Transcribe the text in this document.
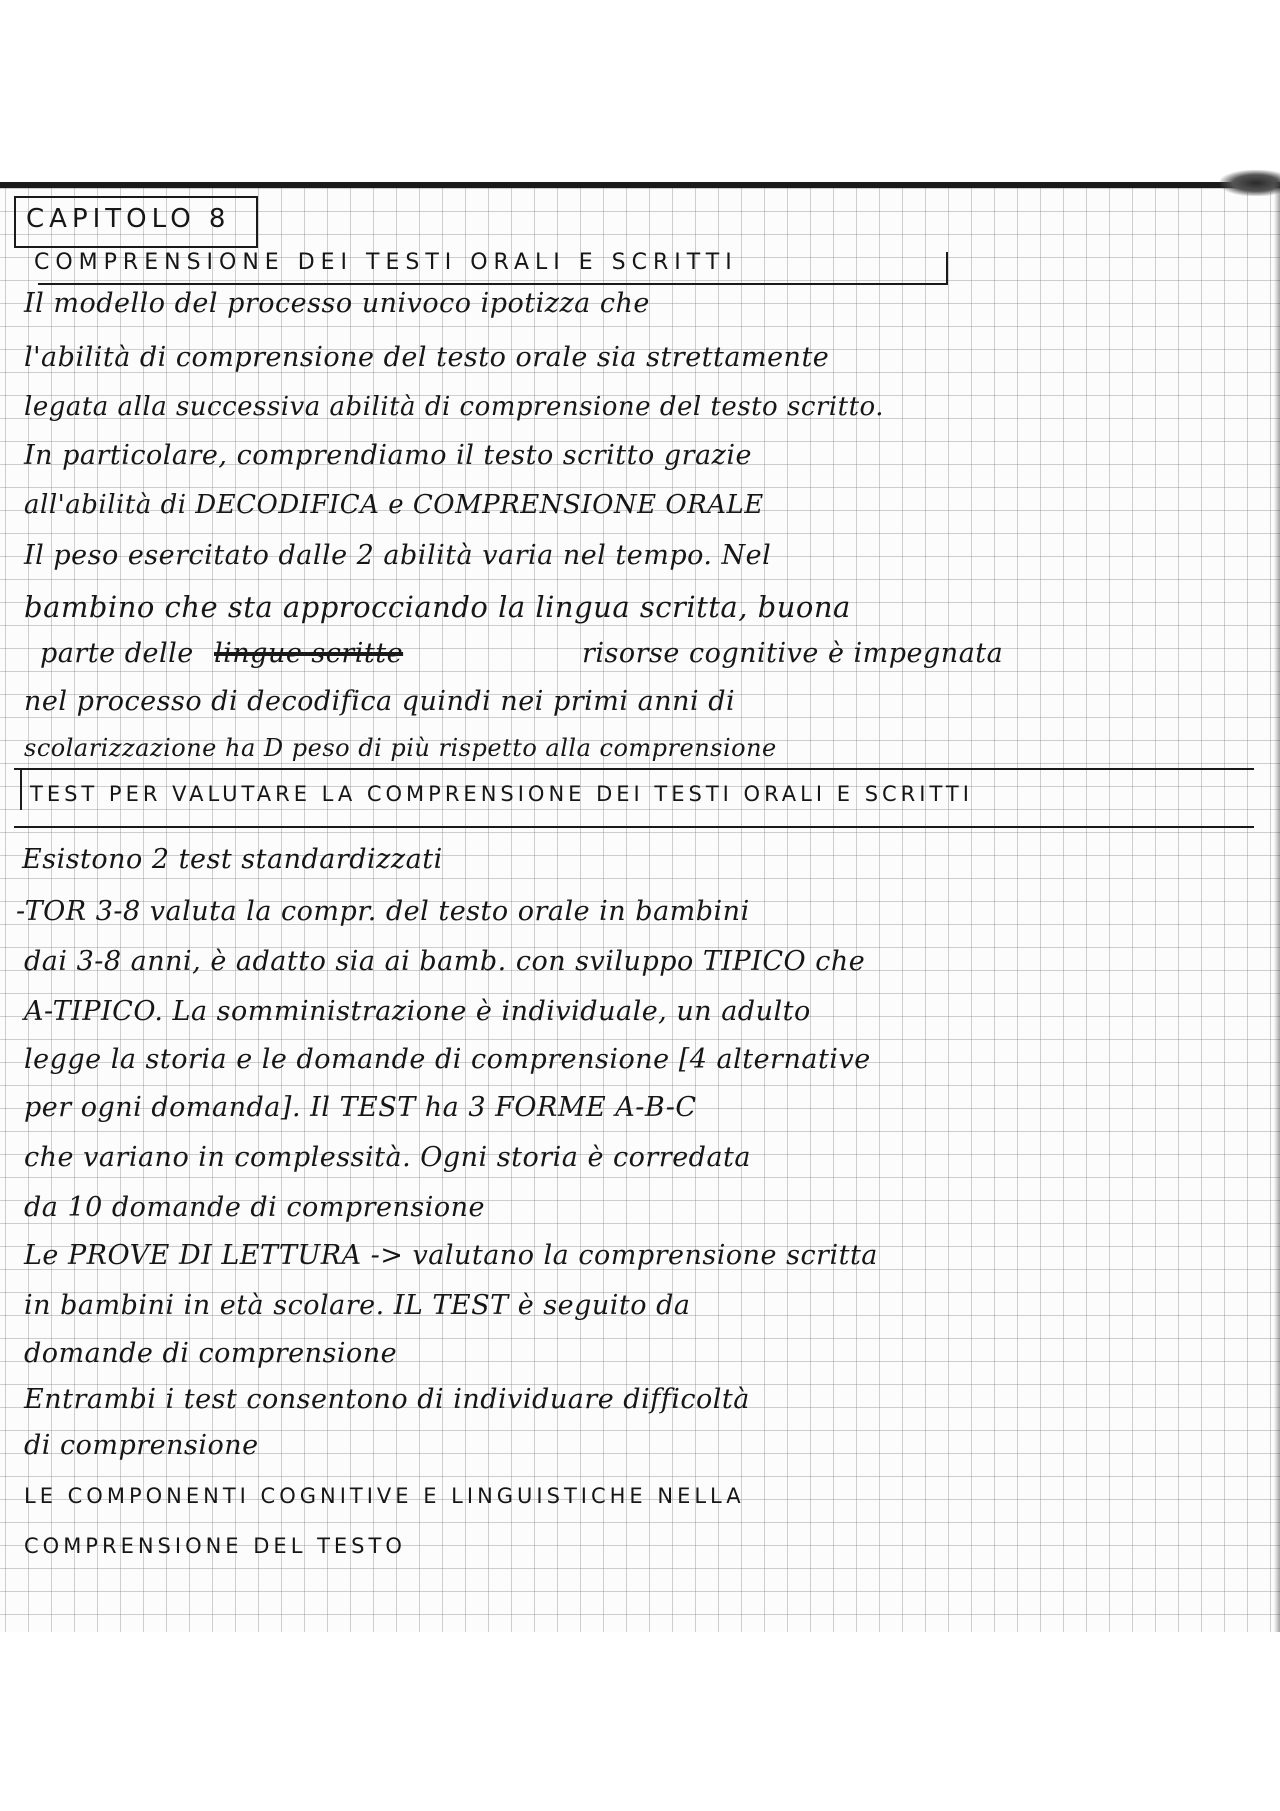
CAPITOLO 8
COMPRENSIONE DEI TESTI ORALI E SCRITTI
Il modello del processo univoco ipotizza che
l'abilità di comprensione del testo orale sia strettamente
legata alla successiva abilità di comprensione del testo scritto.
In particolare, comprendiamo il testo scritto grazie
all'abilità di DECODIFICA e COMPRENSIONE ORALE
Il peso esercitato dalle 2 abilità varia nel tempo. Nel
bambino che sta approcciando la lingua scritta, buona
parte delle lingue scritte	risorse cognitive è impegnata
nel processo di decodifica quindi nei primi anni di
scolarizzazione ha D peso di più rispetto alla comprensione
TEST PER VALUTARE LA COMPRENSIONE DEI TESTI ORALI E SCRITTI
Esistono 2 test standardizzati
-TOR 3-8 valuta la compr. del testo orale in bambini
dai 3-8 anni, è adatto sia ai bamb. con sviluppo TIPICO che
A-TIPICO. La somministrazione è individuale, un adulto
legge la storia e le domande di comprensione [4 alternative
per ogni domanda]. Il TEST ha 3 FORME A-B-C
che variano in complessità. Ogni storia è corredata
da 10 domande di comprensione
Le PROVE DI LETTURA -> valutano la comprensione scritta
in bambini in età scolare. IL TEST è seguito da
domande di comprensione
Entrambi i test consentono di individuare difficoltà
di comprensione
LE COMPONENTI COGNITIVE E LINGUISTICHE NELLA
COMPRENSIONE DEL TESTO
